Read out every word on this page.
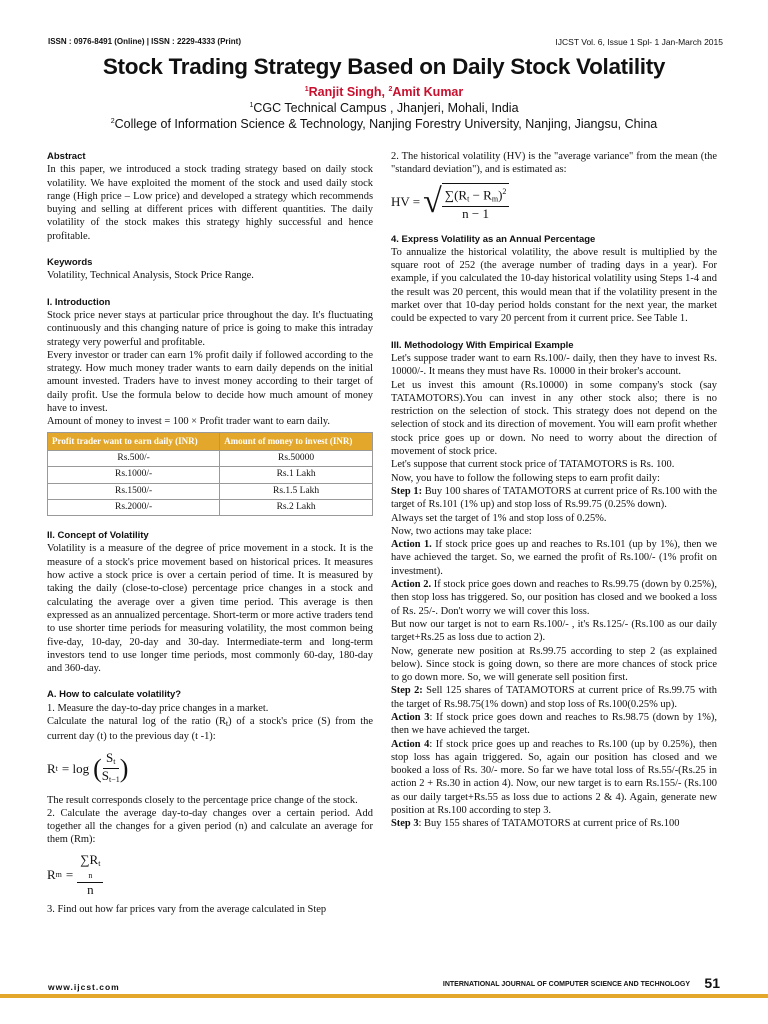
ISSN : 0976-8491 (Online) | ISSN : 2229-4333 (Print)	IJCST Vol. 6, Issue 1 Spl- 1 Jan-March 2015
Stock Trading Strategy Based on Daily Stock Volatility
$^1$Ranjit Singh, $^2$Amit Kumar
$^1$CGC Technical Campus , Jhanjeri, Mohali, India
$^2$College of Information Science & Technology, Nanjing Forestry University, Nanjing, Jiangsu, China
Abstract
In this paper, we introduced a stock trading strategy based on daily stock volatility. We have exploited the moment of the stock and used daily stock range (High price – Low price) and developed a strategy which recommends buying and selling at different prices with different quantities. The daily volatility of the stock makes this strategy highly successful and hence profitable.
Keywords
Volatility, Technical Analysis, Stock Price Range.
I. Introduction
Stock price never stays at particular price throughout the day. It's fluctuating continuously and this changing nature of price is going to make this intraday strategy very powerful and profitable.
Every investor or trader can earn 1% profit daily if followed according to the strategy. How much money trader wants to earn daily depends on the initial amount invested. Traders have to invest money according to their target of daily profit. Use the formula below to decide how much amount of money have to invest.
Amount of money to invest = 100 × Profit trader want to earn daily.
Profit trader want to earn daily (INR)	Amount of money to invest (INR)
Rs.500/-	Rs.50000
Rs.1000/-	Rs.1 Lakh
Rs.1500/-	Rs.1.5 Lakh
Rs.2000/-	Rs.2 Lakh
II. Concept of Volatility
Volatility is a measure of the degree of price movement in a stock. It is the measure of a stock's price movement based on historical prices. It measures how active a stock price is over a certain period of time. It is measured by taking the daily (close-to-close) percentage price changes in a stock and calculating the average over a given time period. This average is then expressed as an annualized percentage. Short-term or more active traders tend to use shorter time periods for measuring volatility, the most common being five-day, 10-day, 20-day and 30-day. Intermediate-term and long-term investors tend to use longer time periods, most commonly 60-day, 180-day and 360-day.
A. How to calculate volatility?
1. Measure the day-to-day price changes in a market.
Calculate the natural log of the ratio $(R_t)$ of a stock's price (S) from the current day (t) to the previous day (t -1):
R t = log ( $\frac{S_t}{S_{t-1}}$ )
The result corresponds closely to the percentage price change of the stock.
2. Calculate the average day-to-day changes over a certain period. Add together all the changes for a given period (n) and calculate an average for them (Rm):
R $m = \sum R_t$
n
n
3. Find out how far prices vary from the average calculated in Step
2. The historical volatility (HV) is the "average variance" from the mean (the "standard deviation"), and is estimated as:
HV = √ $\frac{\sum(R_t - R_m)^2}{n - 1}$
4. Express Volatility as an Annual Percentage
To annualize the historical volatility, the above result is multiplied by the square root of 252 (the average number of trading days in a year). For example, if you calculated the 10-day historical volatility using Steps 1-4 and the result was 20 percent, this would mean that if the volatility present in the market over that 10-day period holds constant for the next year, the market could be expected to vary 20 percent from it current price. See Table 1.
III. Methodology With Empirical Example
Let's suppose trader want to earn Rs.100/- daily, then they have to invest Rs. 10000/-. It means they must have Rs. 10000 in their broker's account.
Let us invest this amount (Rs.10000) in some company's stock (say TATAMOTORS).You can invest in any other stock also; there is no restriction on the selection of stock. This strategy does not depend on the selection of stock and its direction of movement. You will earn profit whether stock price goes up or down. No need to worry about the direction of movement of stock price.
Let's suppose that current stock price of TATAMOTORS is Rs. 100.
Now, you have to follow the following steps to earn profit daily:
Step 1: Buy 100 shares of TATAMOTORS at current price of Rs.100 with the target of Rs.101 (1% up) and stop loss of Rs.99.75 (0.25% down).
Always set the target of 1% and stop loss of 0.25%.
Now, two actions may take place:
Action 1. If stock price goes up and reaches to Rs.101 (up by 1%), then we have achieved the target. So, we earned the profit of Rs.100/- (1% profit on investment).
Action 2. If stock price goes down and reaches to Rs.99.75 (down by 0.25%), then stop loss has triggered. So, our position has closed and we booked a loss of Rs. 25/-. Don't worry we will cover this loss.
But now our target is not to earn Rs.100/- , it's Rs.125/- (Rs.100 as our daily target+Rs.25 as loss due to action 2).
Now, generate new position at Rs.99.75 according to step 2 (as explained below). Since stock is going down, so there are more chances of stock price to go down more. So, we will generate sell position first.
Step 2: Sell 125 shares of TATAMOTORS at current price of Rs.99.75 with the target of Rs.98.75(1% down) and stop loss of Rs.100(0.25% up).
Action 3: If stock price goes down and reaches to Rs.98.75 (down by 1%), then we have achieved the target.
Action 4: If stock price goes up and reaches to Rs.100 (up by 0.25%), then stop loss has again triggered. So, again our position has closed and we booked a loss of Rs. 30/- more. So far we have total loss of Rs.55/-(Rs.25 in action 2 + Rs.30 in action 4). Now, our new target is to earn Rs.155/- (Rs.100 as our daily target+Rs.55 as loss due to actions 2 & 4). Again, generate new position at Rs.100 according to step 3.
Step 3: Buy 155 shares of TATAMOTORS at current price of Rs.100
www.ijcst.com	INTERNATIONAL JOURNAL OF COMPUTER SCIENCE AND TECHNOLOGY 51
